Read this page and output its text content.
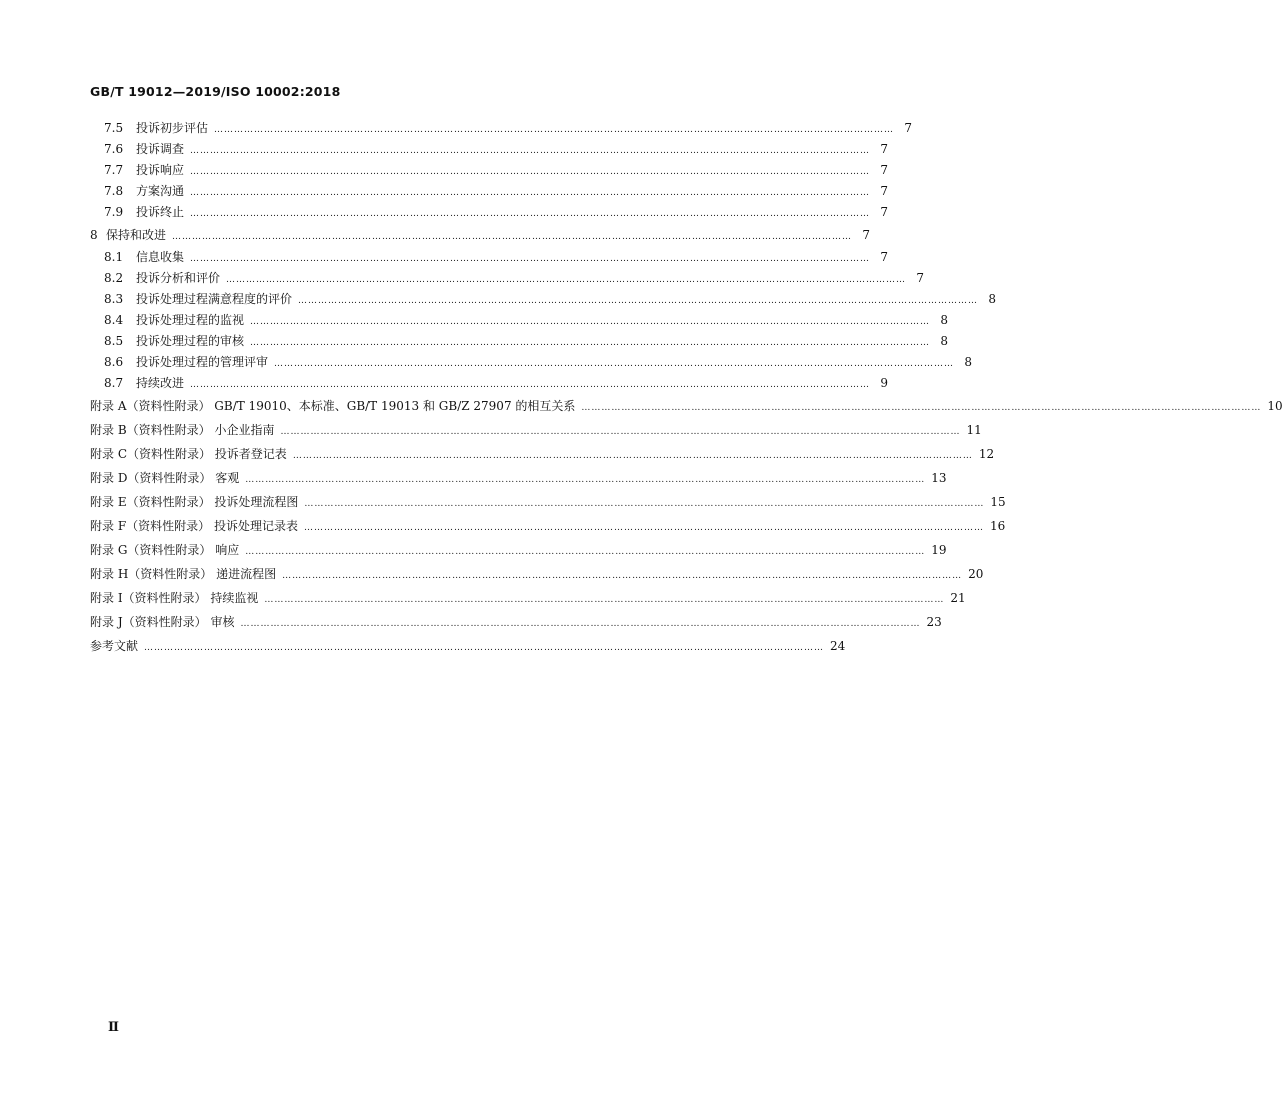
GB/T 19012—2019/ISO 10002:2018
7.5	投诉初步评估 ……………………………………………………………………………………………………………………………………………………………………………………	7
7.6	投诉调查 ……………………………………………………………………………………………………………………………………………………………………………………	7
7.7	投诉响应 ……………………………………………………………………………………………………………………………………………………………………………………	7
7.8	方案沟通 ……………………………………………………………………………………………………………………………………………………………………………………	7
7.9	投诉终止 ……………………………………………………………………………………………………………………………………………………………………………………	7
8 保持和改进 ……………………………………………………………………………………………………………………………………………………………………………………	7
8.1	信息收集 ……………………………………………………………………………………………………………………………………………………………………………………	7
8.2	投诉分析和评价 ……………………………………………………………………………………………………………………………………………………………………………………	7
8.3	投诉处理过程满意程度的评价 ……………………………………………………………………………………………………………………………………………………………………………………	8
8.4	投诉处理过程的监视 ……………………………………………………………………………………………………………………………………………………………………………………	8
8.5	投诉处理过程的审核 ……………………………………………………………………………………………………………………………………………………………………………………	8
8.6	投诉处理过程的管理评审 ……………………………………………………………………………………………………………………………………………………………………………………	8
8.7	持续改进 ……………………………………………………………………………………………………………………………………………………………………………………	9
附录 A（资料性附录） GB/T 19010、本标准、GB/T 19013 和 GB/Z 27907 的相互关系 ……………………………………………………………………………………………………………………………………………………………………………………	10
附录 B（资料性附录） 小企业指南 ……………………………………………………………………………………………………………………………………………………………………………………	11
附录 C（资料性附录） 投诉者登记表 ……………………………………………………………………………………………………………………………………………………………………………………	12
附录 D（资料性附录） 客观 ……………………………………………………………………………………………………………………………………………………………………………………	13
附录 E（资料性附录） 投诉处理流程图 ……………………………………………………………………………………………………………………………………………………………………………………	15
附录 F（资料性附录） 投诉处理记录表 ……………………………………………………………………………………………………………………………………………………………………………………	16
附录 G（资料性附录） 响应 ……………………………………………………………………………………………………………………………………………………………………………………	19
附录 H（资料性附录） 递进流程图 ……………………………………………………………………………………………………………………………………………………………………………………	20
附录 I（资料性附录） 持续监视 ……………………………………………………………………………………………………………………………………………………………………………………	21
附录 J（资料性附录） 审核 ……………………………………………………………………………………………………………………………………………………………………………………	23
参考文献 ……………………………………………………………………………………………………………………………………………………………………………………	24
Ⅱ
